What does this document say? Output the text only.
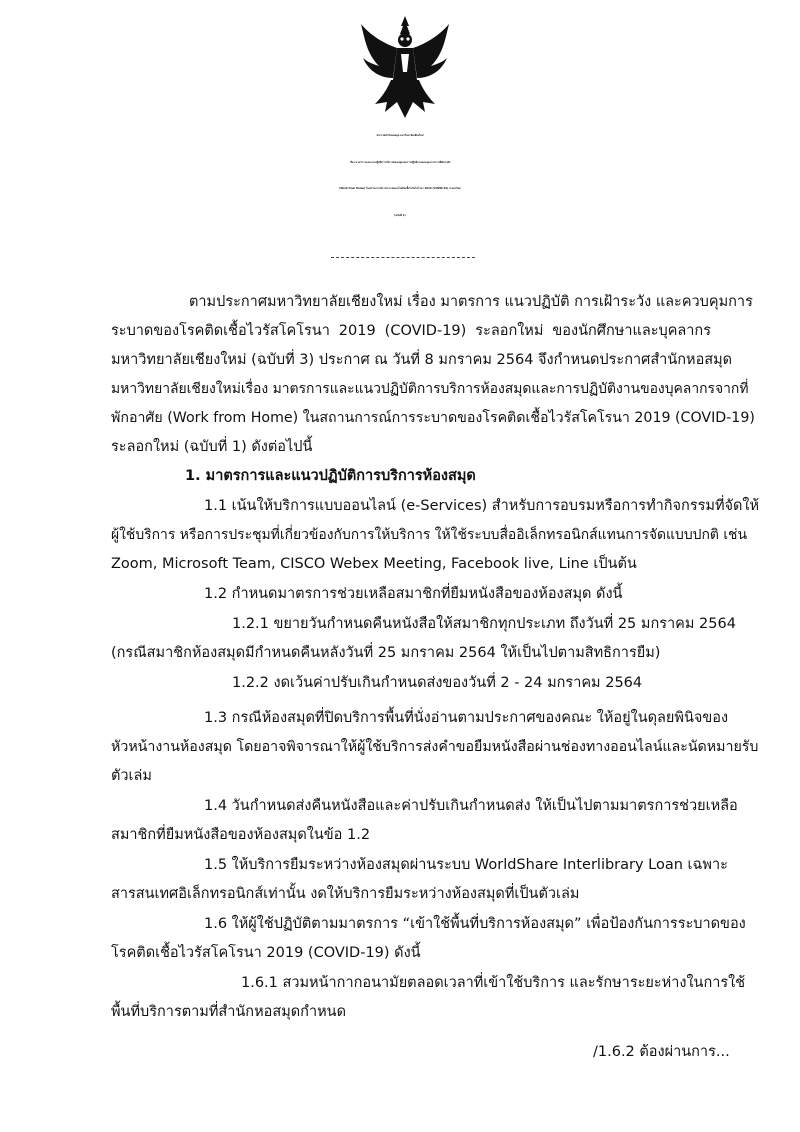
ประกาศสำนักหอสมุด มหาวิทยาลัยเชียงใหม่
เรื่อง มาตรการและแนวปฏิบัติการบริการห้องสมุดและการปฏิบัติงานของบุคลากรจากที่พักอาศัย
(Work from Home) ในสถานการณ์การระบาดของโรคติดเชื้อไวรัสโคโรนา 2019 (COVID-19) ระลอกใหม่
(ฉบับที่ 1)
ตามประกาศมหาวิทยาลัยเชียงใหม่ เรื่อง มาตรการ แนวปฏิบัติ การเฝ้าระวัง และควบคุมการ
ระบาดของโรคติดเชื้อไวรัสโคโรนา 2019 (COVID-19) ระลอกใหม่ ของนักศึกษาและบุคลากร
มหาวิทยาลัยเชียงใหม่ (ฉบับที่ 3) ประกาศ ณ วันที่ 8 มกราคม 2564 จึงกำหนดประกาศสำนักหอสมุด
มหาวิทยาลัยเชียงใหม่เรื่อง มาตรการและแนวปฏิบัติการบริการห้องสมุดและการปฏิบัติงานของบุคลากรจากที่
พักอาศัย (Work from Home) ในสถานการณ์การระบาดของโรคติดเชื้อไวรัสโคโรนา 2019 (COVID-19)
ระลอกใหม่ (ฉบับที่ 1) ดังต่อไปนี้
1. มาตรการและแนวปฏิบัติการบริการห้องสมุด
1.1 เน้นให้บริการแบบออนไลน์ (e-Services) สำหรับการอบรมหรือการทำกิจกรรมที่จัดให้
ผู้ใช้บริการ หรือการประชุมที่เกี่ยวข้องกับการให้บริการ ให้ใช้ระบบสื่ออิเล็กทรอนิกส์แทนการจัดแบบปกติ เช่น
Zoom, Microsoft Team, CISCO Webex Meeting, Facebook live, Line เป็นต้น
1.2 กำหนดมาตรการช่วยเหลือสมาชิกที่ยืมหนังสือของห้องสมุด ดังนี้
1.2.1 ขยายวันกำหนดคืนหนังสือให้สมาชิกทุกประเภท ถึงวันที่ 25 มกราคม 2564
(กรณีสมาชิกห้องสมุดมีกำหนดคืนหลังวันที่ 25 มกราคม 2564 ให้เป็นไปตามสิทธิการยืม)
1.2.2 งดเว้นค่าปรับเกินกำหนดส่งของวันที่ 2 - 24 มกราคม 2564
1.3 กรณีห้องสมุดที่ปิดบริการพื้นที่นั่งอ่านตามประกาศของคณะ ให้อยู่ในดุลยพินิจของ
หัวหน้างานห้องสมุด โดยอาจพิจารณาให้ผู้ใช้บริการส่งคำขอยืมหนังสือผ่านช่องทางออนไลน์และนัดหมายรับ
ตัวเล่ม
1.4 วันกำหนดส่งคืนหนังสือและค่าปรับเกินกำหนดส่ง ให้เป็นไปตามมาตรการช่วยเหลือ
สมาชิกที่ยืมหนังสือของห้องสมุดในข้อ 1.2
1.5 ให้บริการยืมระหว่างห้องสมุดผ่านระบบ WorldShare Interlibrary Loan เฉพาะ
สารสนเทศอิเล็กทรอนิกส์เท่านั้น งดให้บริการยืมระหว่างห้องสมุดที่เป็นตัวเล่ม
1.6 ให้ผู้ใช้ปฏิบัติตามมาตรการ “เข้าใช้พื้นที่บริการห้องสมุด” เพื่อป้องกันการระบาดของ
โรคติดเชื้อไวรัสโคโรนา 2019 (COVID-19) ดังนี้
1.6.1 สวมหน้ากากอนามัยตลอดเวลาที่เข้าใช้บริการ และรักษาระยะห่างในการใช้
พื้นที่บริการตามที่สำนักหอสมุดกำหนด
/1.6.2 ต้องผ่านการ...
